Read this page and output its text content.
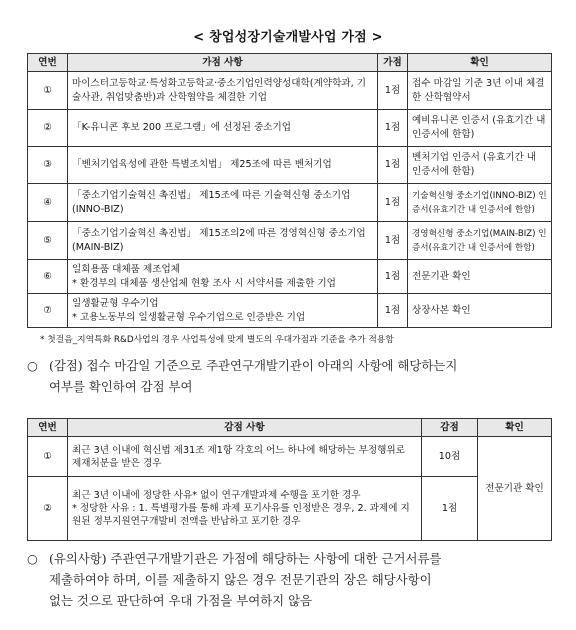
< 창업성장기술개발사업 가점 >
연번	가점 사항	가점	확인
①	마이스터고등학교·특성화고등학교·중소기업인력양성대학(계약학과, 기술사관, 취업맞춤반)과 산학협약을 체결한 기업	1점	접수 마감일 기준 3년 이내 체결한 산학협약서
②	「K-유니콘 후보 200 프로그램」에 선정된 중소기업	1점	예비유니콘 인증서 (유효기간 내 인증서에 한함)
③	「벤처기업육성에 관한 특별조치법」 제25조에 따른 벤처기업	1점	벤처기업 인증서 (유효기간 내 인증서에 한함)
④	「중소기업기술혁신 촉진법」 제15조에 따른 기술혁신형 중소기업(INNO-BIZ)	1점	기술혁신형 중소기업(INNO-BIZ) 인증서(유효기간 내 인증서에 한함)
⑤	「중소기업기술혁신 촉진법」 제15조의2에 따른 경영혁신형 중소기업(MAIN-BIZ)	1점	경영혁신형 중소기업(MAIN-BIZ) 인증서(유효기간 내 인증서에 한함)
⑥	일회용품 대체품 제조업체
* 환경부의 대체품 생산업체 현황 조사 시 서약서를 제출한 기업	1점	전문기관 확인
⑦	일생활균형 우수기업
* 고용노동부의 일생활균형 우수기업으로 인증받은 기업	1점	상장사본 확인
* 첫걸음_지역특화 R&D사업의 경우 사업특성에 맞게 별도의 우대가점과 기준을 추가 적용함
○ (감점) 접수 마감일 기준으로 주관연구개발기관이 아래의 사항에 해당하는지
여부를 확인하여 감점 부여
연번	감점 사항	감점	확인
①	최근 3년 이내에 혁신법 제31조 제1항 각호의 어느 하나에 해당하는 부정행위로 제재처분을 받은 경우	10점	전문기관 확인
②	최근 3년 이내에 정당한 사유* 없이 연구개발과제 수행을 포기한 경우
* 정당한 사유 : 1. 특별평가를 통해 과제 포기사유를 인정받은 경우, 2. 과제에 지원된 정부지원연구개발비 전액을 반납하고 포기한 경우	1점	
○ (유의사항) 주관연구개발기관은 가점에 해당하는 사항에 대한 근거서류를
제출하여야 하며, 이를 제출하지 않은 경우 전문기관의 장은 해당사항이
없는 것으로 판단하여 우대 가점을 부여하지 않음
